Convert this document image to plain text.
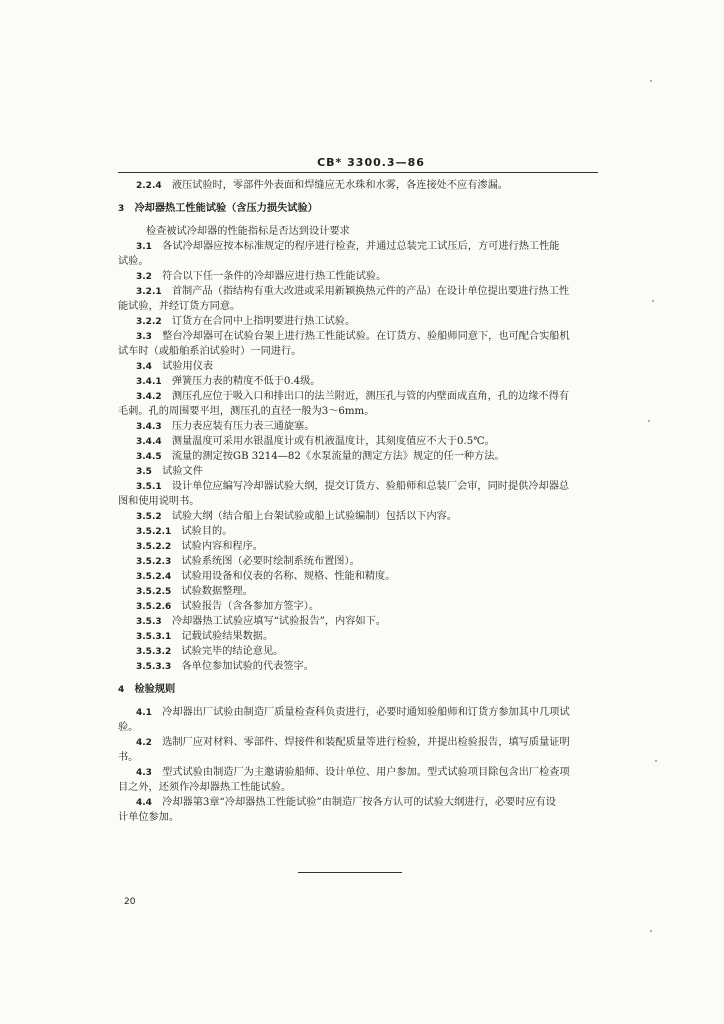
CB* 3300.3—86
2.2.4   液压试验时，零部件外表面和焊缝应无水珠和水雾，各连接处不应有渗漏。
3   冷却器热工性能试验（含压力损失试验）
检查被试冷却器的性能指标是否达到设计要求
3.1   各试冷却器应按本标准规定的程序进行检查，并通过总装完工试压后，方可进行热工性能
试验。
3.2   符合以下任一条件的冷却器应进行热工性能试验。
3.2.1   首制产品（指结构有重大改进或采用新颖换热元件的产品）在设计单位提出要进行热工性
能试验，并经订货方同意。
3.2.2   订货方在合同中上指明要进行热工试验。
3.3   整台冷却器可在试验台架上进行热工性能试验。在订货方、验船师同意下，也可配合实船机
试车时（或船舶系泊试验时）一同进行。
3.4   试验用仪表
3.4.1   弹簧压力表的精度不低于0.4级。
3.4.2   测压孔应位于吸入口和排出口的法兰附近，测压孔与管的内壁面成直角，孔的边缘不得有
毛刺。孔的周围要平坦，测压孔的直径一般为3～6mm。
3.4.3   压力表应装有压力表三通旋塞。
3.4.4   测量温度可采用水银温度计或有机液温度计，其刻度值应不大于0.5℃。
3.4.5   流量的测定按GB 3214—82《水泵流量的测定方法》规定的任一种方法。
3.5   试验文件
3.5.1   设计单位应编写冷却器试验大纲，提交订货方、验船师和总装厂会审，同时提供冷却器总
图和使用说明书。
3.5.2   试验大纲（结合船上台架试验或船上试验编制）包括以下内容。
3.5.2.1   试验目的。
3.5.2.2   试验内容和程序。
3.5.2.3   试验系统图（必要时绘制系统布置图）。
3.5.2.4   试验用设备和仪表的名称、规格、性能和精度。
3.5.2.5   试验数据整理。
3.5.2.6   试验报告（含各参加方签字）。
3.5.3   冷却器热工试验应填写“试验报告”，内容如下。
3.5.3.1   记载试验结果数据。
3.5.3.2   试验完毕的结论意见。
3.5.3.3   各单位参加试验的代表签字。
4   检验规则
4.1   冷却器出厂试验由制造厂质量检查科负责进行，必要时通知验船师和订货方参加其中几项试
验。
4.2   选制厂应对材料、零部件、焊接件和装配质量等进行检验，并提出检验报告，填写质量证明
书。
4.3   型式试验由制造厂为主邀请验船师、设计单位、用户参加。型式试验项目除包含出厂检查项
目之外，还须作冷却器热工性能试验。
4.4   冷却器第3章“冷却器热工性能试验”由制造厂按各方认可的试验大纲进行，必要时应有设
计单位参加。
20
